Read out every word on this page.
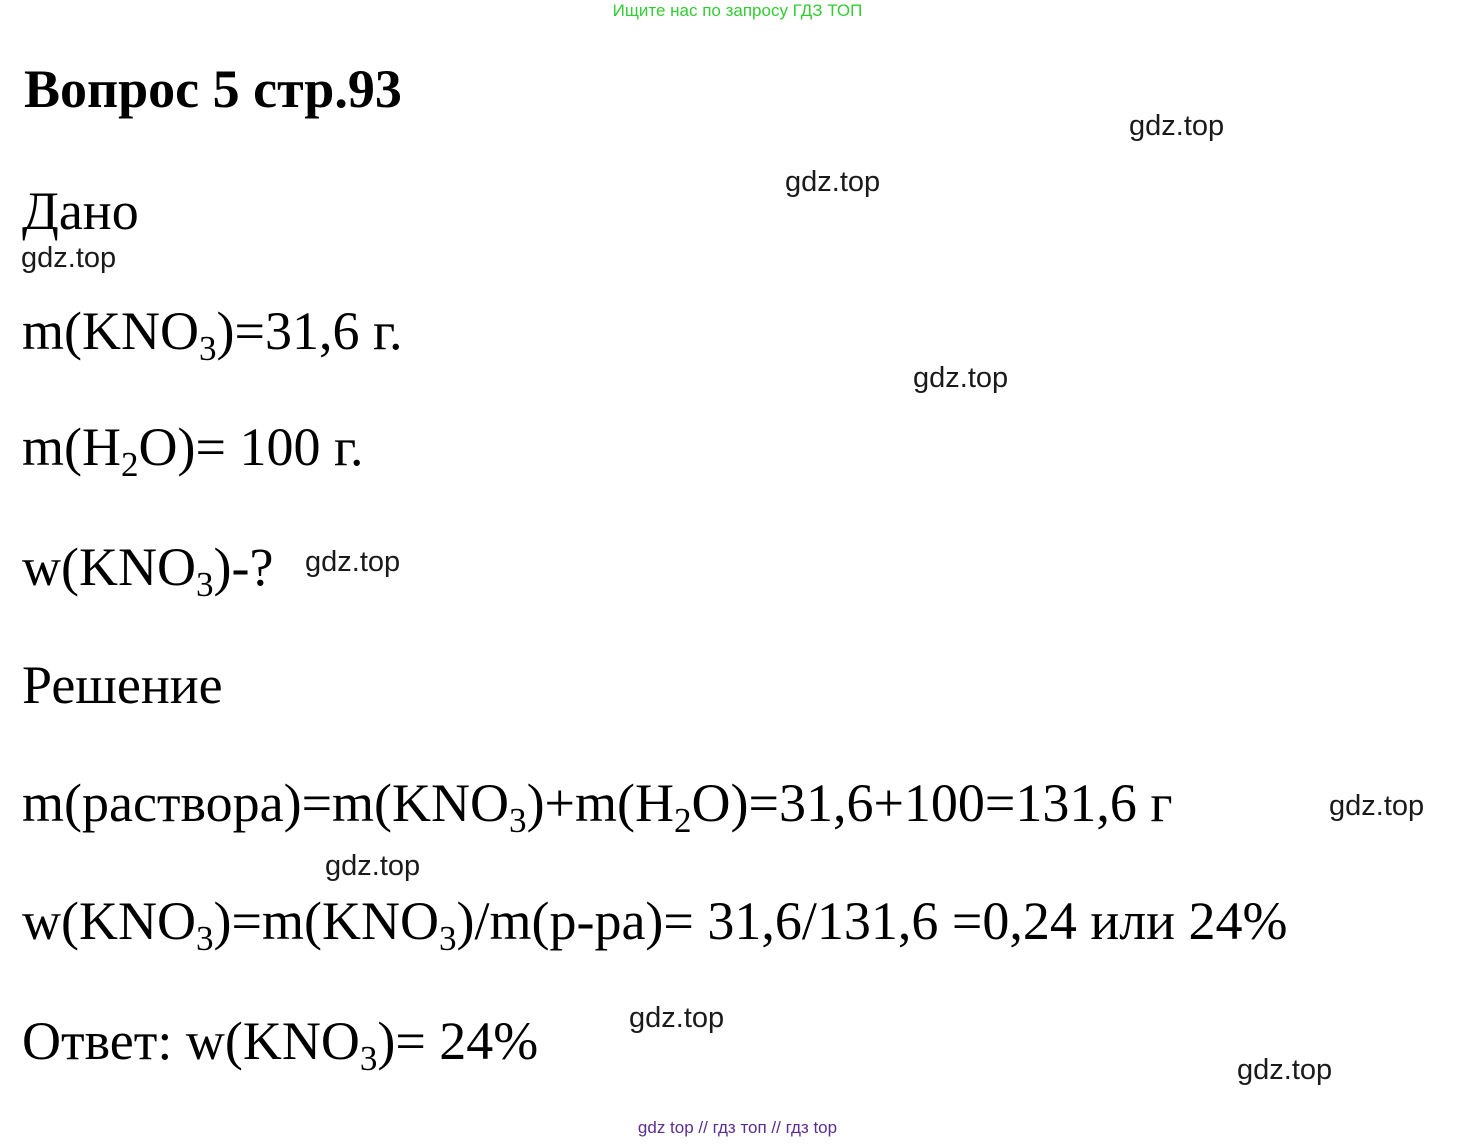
Ищите нас по запросу ГДЗ ТОП
Вопрос 5 стр.93
Дано
$m(KNO_3)=31,6$ г.
$m(H_2O)= 100$ г.
$w(KNO_3)-$?
Решение
$m(раствора)=m(KNO_3)+m(H_2O)=31,6+100=131,6$ г
$w(KNO_3)=m(KNO_3)/m(р-ра)= 31,6/131,6 =0,24$ или 24%
Ответ: $w(KNO_3)= 24\%$
gdz.top
gdz.top
gdz.top
gdz.top
gdz.top
gdz.top
gdz.top
gdz.top
gdz.top
gdz top // гдз топ // гдз top
